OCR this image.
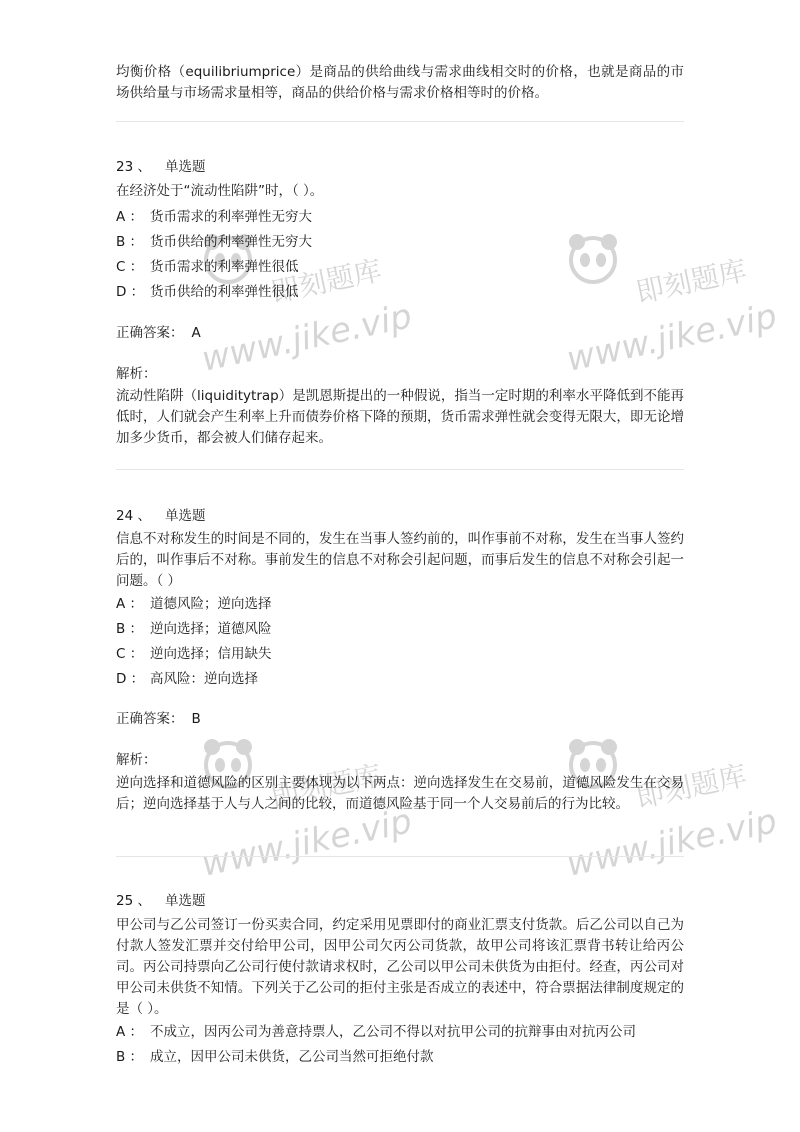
即刻题库
www.jike.vip
即刻题库
www.jike.vip
即刻题库
www.jike.vip
即刻题库
www.jike.vip

均衡价格（equilibriumprice）是商品的供给曲线与需求曲线相交时的价格，也就是商品的市场供给量与市场需求量相等，商品的供给价格与需求价格相等时的价格。

23 、 单选题

在经济处于“流动性陷阱”时，（ ）。

A ： 货币需求的利率弹性无穷大
B ： 货币供给的利率弹性无穷大
C ： 货币需求的利率弹性很低
D ： 货币供给的利率弹性很低
正确答案： A
解析：

流动性陷阱（liquiditytrap）是凯恩斯提出的一种假说，指当一定时期的利率水平降低到不能再低时，人们就会产生利率上升而债券价格下降的预期，货币需求弹性就会变得无限大，即无论增加多少货币，都会被人们储存起来。

24 、 单选题

信息不对称发生的时间是不同的，发生在当事人签约前的，叫作事前不对称，发生在当事人签约后的，叫作事后不对称。事前发生的信息不对称会引起问题，而事后发生的信息不对称会引起一问题。（ ）

A ： 道德风险；逆向选择
B ： 逆向选择；道德风险
C ： 逆向选择；信用缺失
D ： 高风险：逆向选择
正确答案： B
解析：

逆向选择和道德风险的区别主要体现为以下两点：逆向选择发生在交易前，道德风险发生在交易后；逆向选择基于人与人之间的比较，而道德风险基于同一个人交易前后的行为比较。

25 、 单选题

甲公司与乙公司签订一份买卖合同，约定采用见票即付的商业汇票支付货款。后乙公司以自己为付款人签发汇票并交付给甲公司，因甲公司欠丙公司货款，故甲公司将该汇票背书转让给丙公司。丙公司持票向乙公司行使付款请求权时，乙公司以甲公司未供货为由拒付。经查，丙公司对甲公司未供货不知情。下列关于乙公司的拒付主张是否成立的表述中，符合票据法律制度规定的是（ ）。

A ： 不成立，因丙公司为善意持票人，乙公司不得以对抗甲公司的抗辩事由对抗丙公司
B ： 成立，因甲公司未供货，乙公司当然可拒绝付款
